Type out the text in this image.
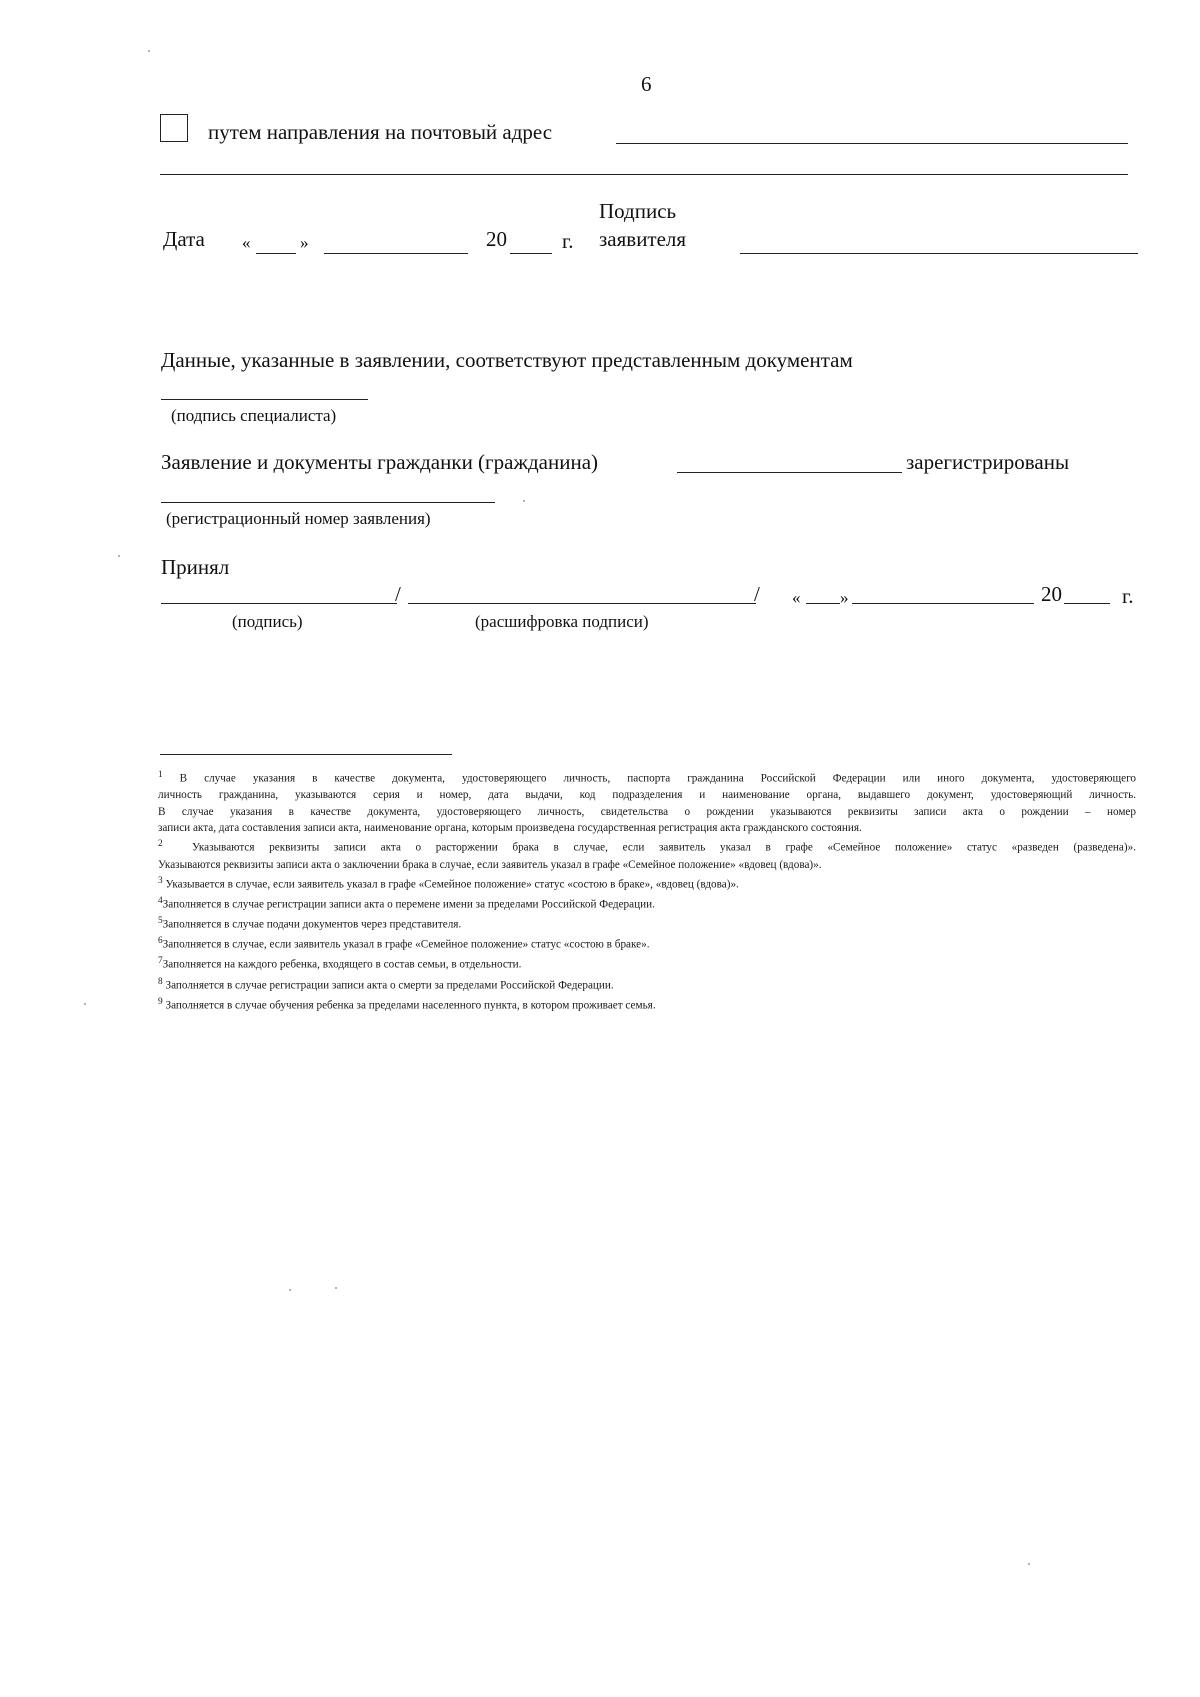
6
путем направления на почтовый адрес
Дата «	»	20	г.
Подпись
заявителя
Данные, указанные в заявлении, соответствуют представленным документам
(подпись специалиста)
Заявление и документы гражданки (гражданина)	зарегистрированы
(регистрационный номер заявления)
Принял
/	/ « »	20	г.
(подпись)	(расшифровка подписи)

$^1$ В случае указания в качестве документа, удостоверяющего личность, паспорта гражданина Российской Федерации или иного документа, удостоверяющего

личность гражданина, указываются серия и номер, дата выдачи, код подразделения и наименование органа, выдавшего документ, удостоверяющий личность.

В случае указания в качестве документа, удостоверяющего личность, свидетельства о рождении указываются реквизиты записи акта о рождении – номер

записи акта, дата составления записи акта, наименование органа, которым произведена государственная регистрация акта гражданского состояния.

$^2$  Указываются реквизиты записи акта о расторжении брака в случае, если заявитель указал в графе «Семейное положение» статус «разведен (разведена)».

Указываются реквизиты записи акта о заключении брака в случае, если заявитель указал в графе «Семейное положение» «вдовец (вдова)».

$^3$ Указывается в случае, если заявитель указал в графе «Семейное положение» статус «состою в браке», «вдовец (вдова)».

$^4$Заполняется в случае регистрации записи акта о перемене имени за пределами Российской Федерации.

$^5$Заполняется в случае подачи документов через представителя.

$^6$Заполняется в случае, если заявитель указал в графе «Семейное положение» статус «состою в браке».

$^7$Заполняется на каждого ребенка, входящего в состав семьи, в отдельности.

$^8$ Заполняется в случае регистрации записи акта о смерти за пределами Российской Федерации.

$^9$ Заполняется в случае обучения ребенка за пределами населенного пункта, в котором проживает семья.
